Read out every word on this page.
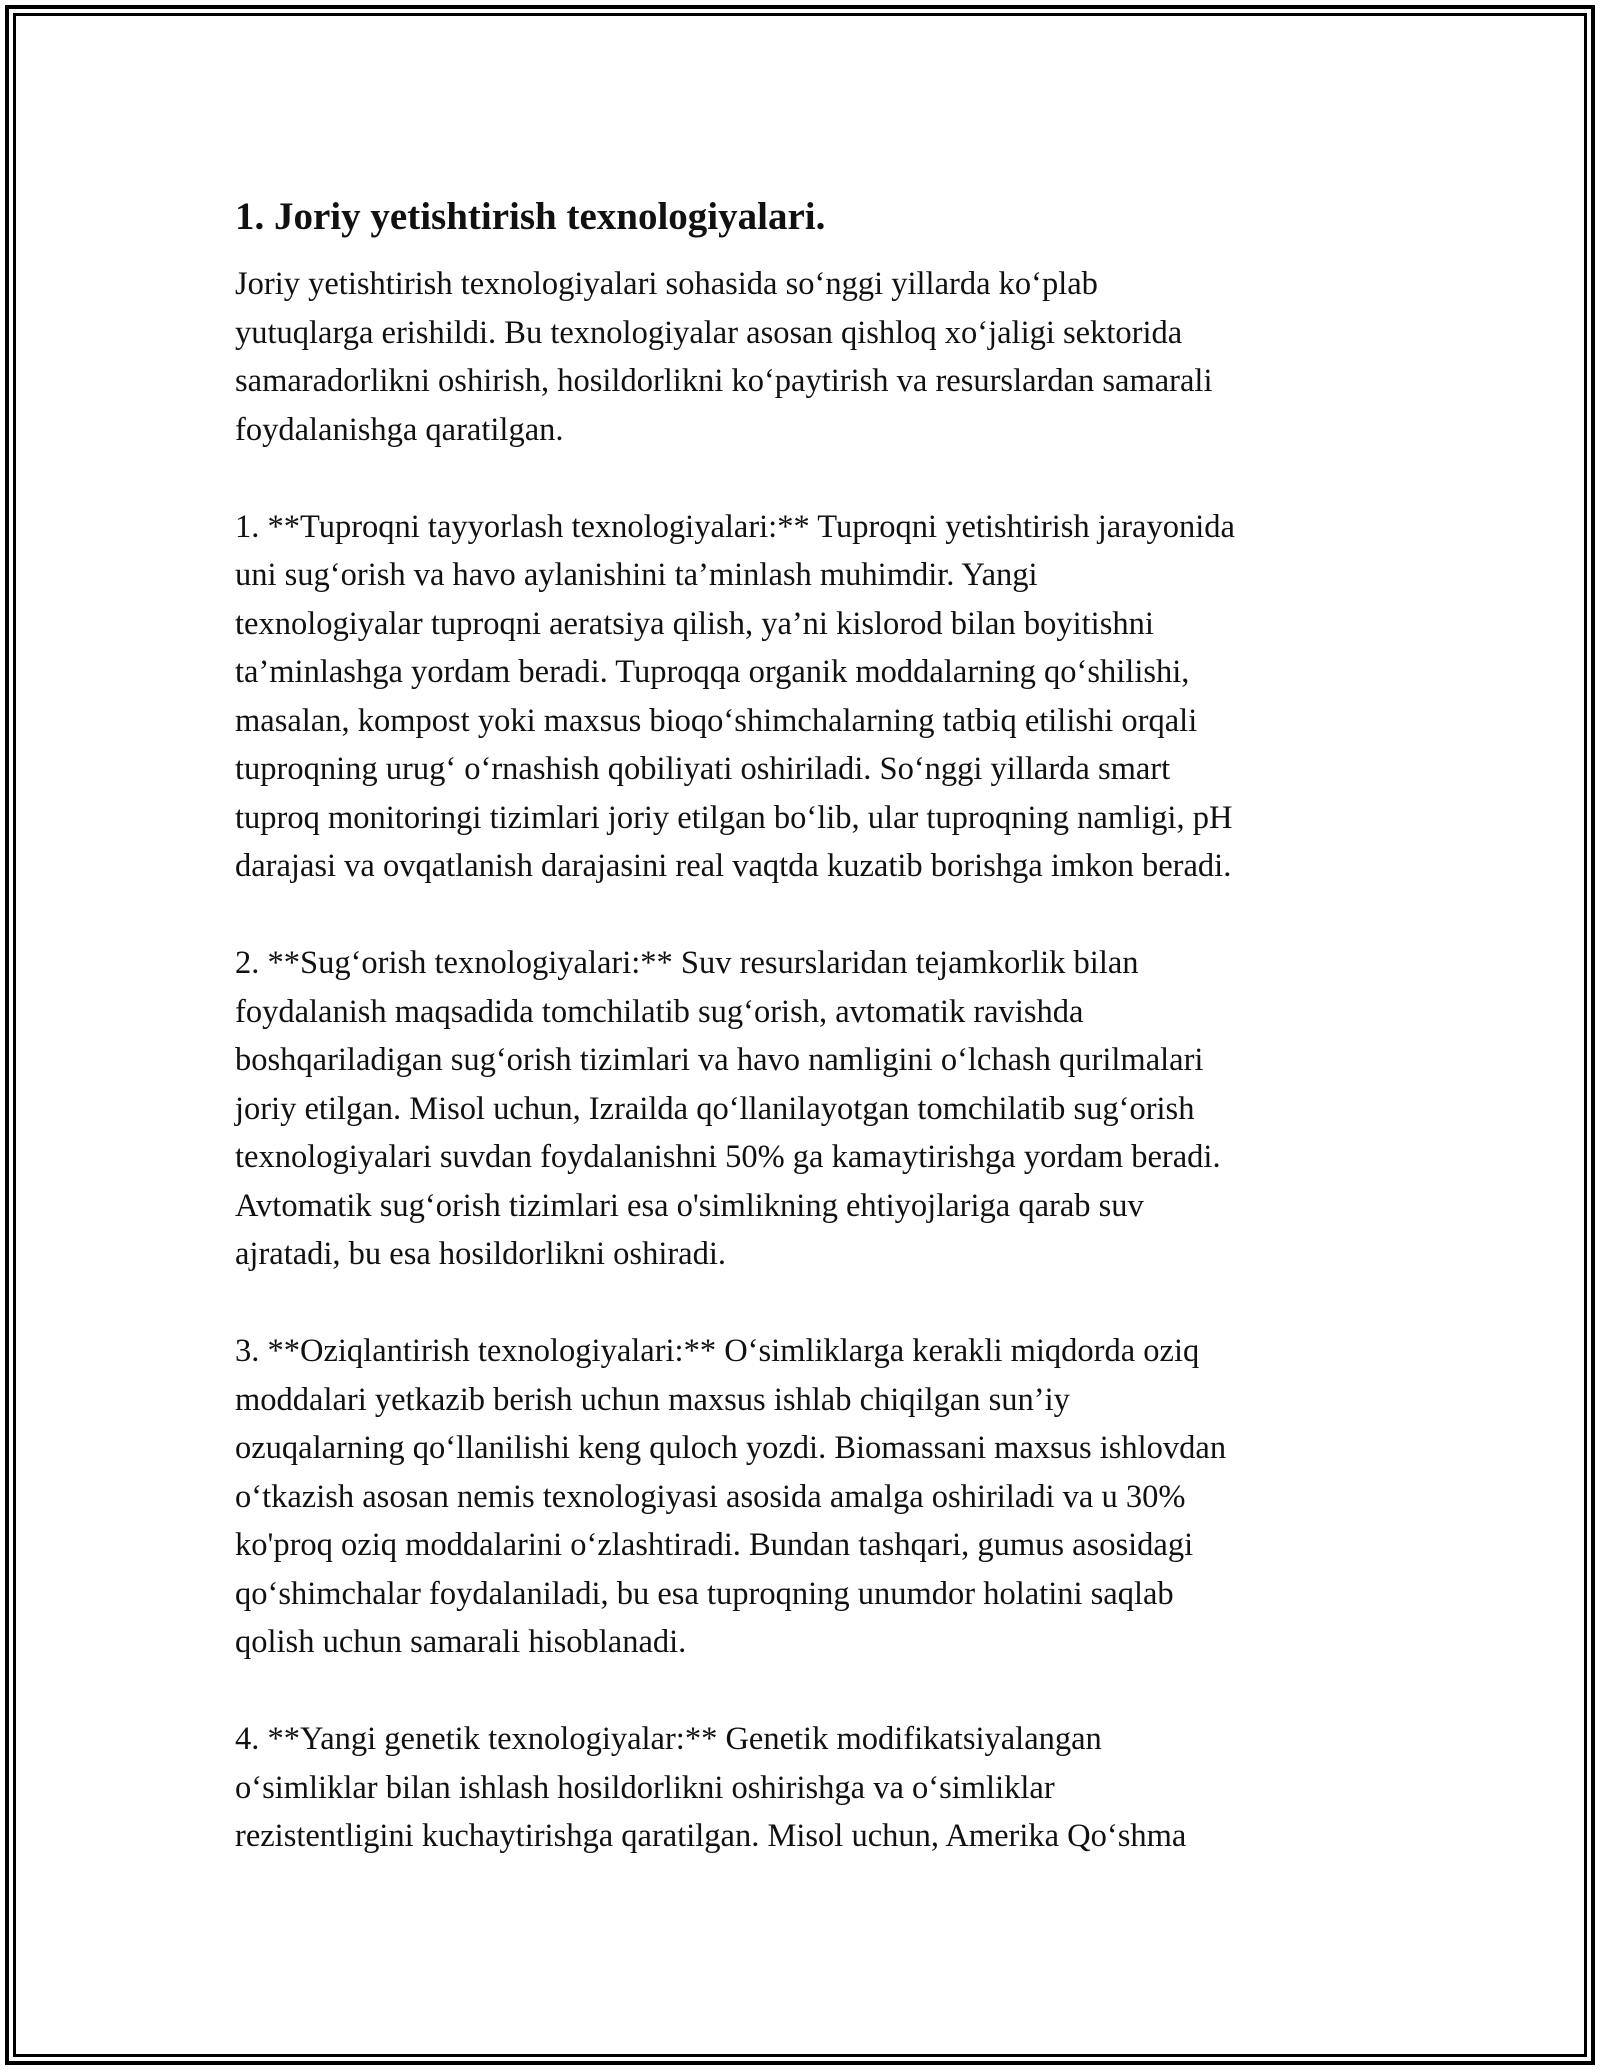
1. Joriy yetishtirish texnologiyalari.

Joriy yetishtirish texnologiyalari sohasida so‘nggi yillarda ko‘plab
yutuqlarga erishildi. Bu texnologiyalar asosan qishloq xo‘jaligi sektorida
samaradorlikni oshirish, hosildorlikni ko‘paytirish va resurslardan samarali
foydalanishga qaratilgan.

1. **Tuproqni tayyorlash texnologiyalari:** Tuproqni yetishtirish jarayonida
uni sug‘orish va havo aylanishini ta’minlash muhimdir. Yangi
texnologiyalar tuproqni aeratsiya qilish, ya’ni kislorod bilan boyitishni
ta’minlashga yordam beradi. Tuproqqa organik moddalarning qo‘shilishi,
masalan, kompost yoki maxsus bioqo‘shimchalarning tatbiq etilishi orqali
tuproqning urug‘ o‘rnashish qobiliyati oshiriladi. So‘nggi yillarda smart
tuproq monitoringi tizimlari joriy etilgan bo‘lib, ular tuproqning namligi, pH
darajasi va ovqatlanish darajasini real vaqtda kuzatib borishga imkon beradi.

2. **Sug‘orish texnologiyalari:** Suv resurslaridan tejamkorlik bilan
foydalanish maqsadida tomchilatib sug‘orish, avtomatik ravishda
boshqariladigan sug‘orish tizimlari va havo namligini o‘lchash qurilmalari
joriy etilgan. Misol uchun, Izrailda qo‘llanilayotgan tomchilatib sug‘orish
texnologiyalari suvdan foydalanishni 50% ga kamaytirishga yordam beradi.
Avtomatik sug‘orish tizimlari esa o'simlikning ehtiyojlariga qarab suv
ajratadi, bu esa hosildorlikni oshiradi.

3. **Oziqlantirish texnologiyalari:** O‘simliklarga kerakli miqdorda oziq
moddalari yetkazib berish uchun maxsus ishlab chiqilgan sun’iy
ozuqalarning qo‘llanilishi keng quloch yozdi. Biomassani maxsus ishlovdan
o‘tkazish asosan nemis texnologiyasi asosida amalga oshiriladi va u 30%
ko'proq oziq moddalarini o‘zlashtiradi. Bundan tashqari, gumus asosidagi
qo‘shimchalar foydalaniladi, bu esa tuproqning unumdor holatini saqlab
qolish uchun samarali hisoblanadi.

4. **Yangi genetik texnologiyalar:** Genetik modifikatsiyalangan
o‘simliklar bilan ishlash hosildorlikni oshirishga va o‘simliklar
rezistentligini kuchaytirishga qaratilgan. Misol uchun, Amerika Qo‘shma
